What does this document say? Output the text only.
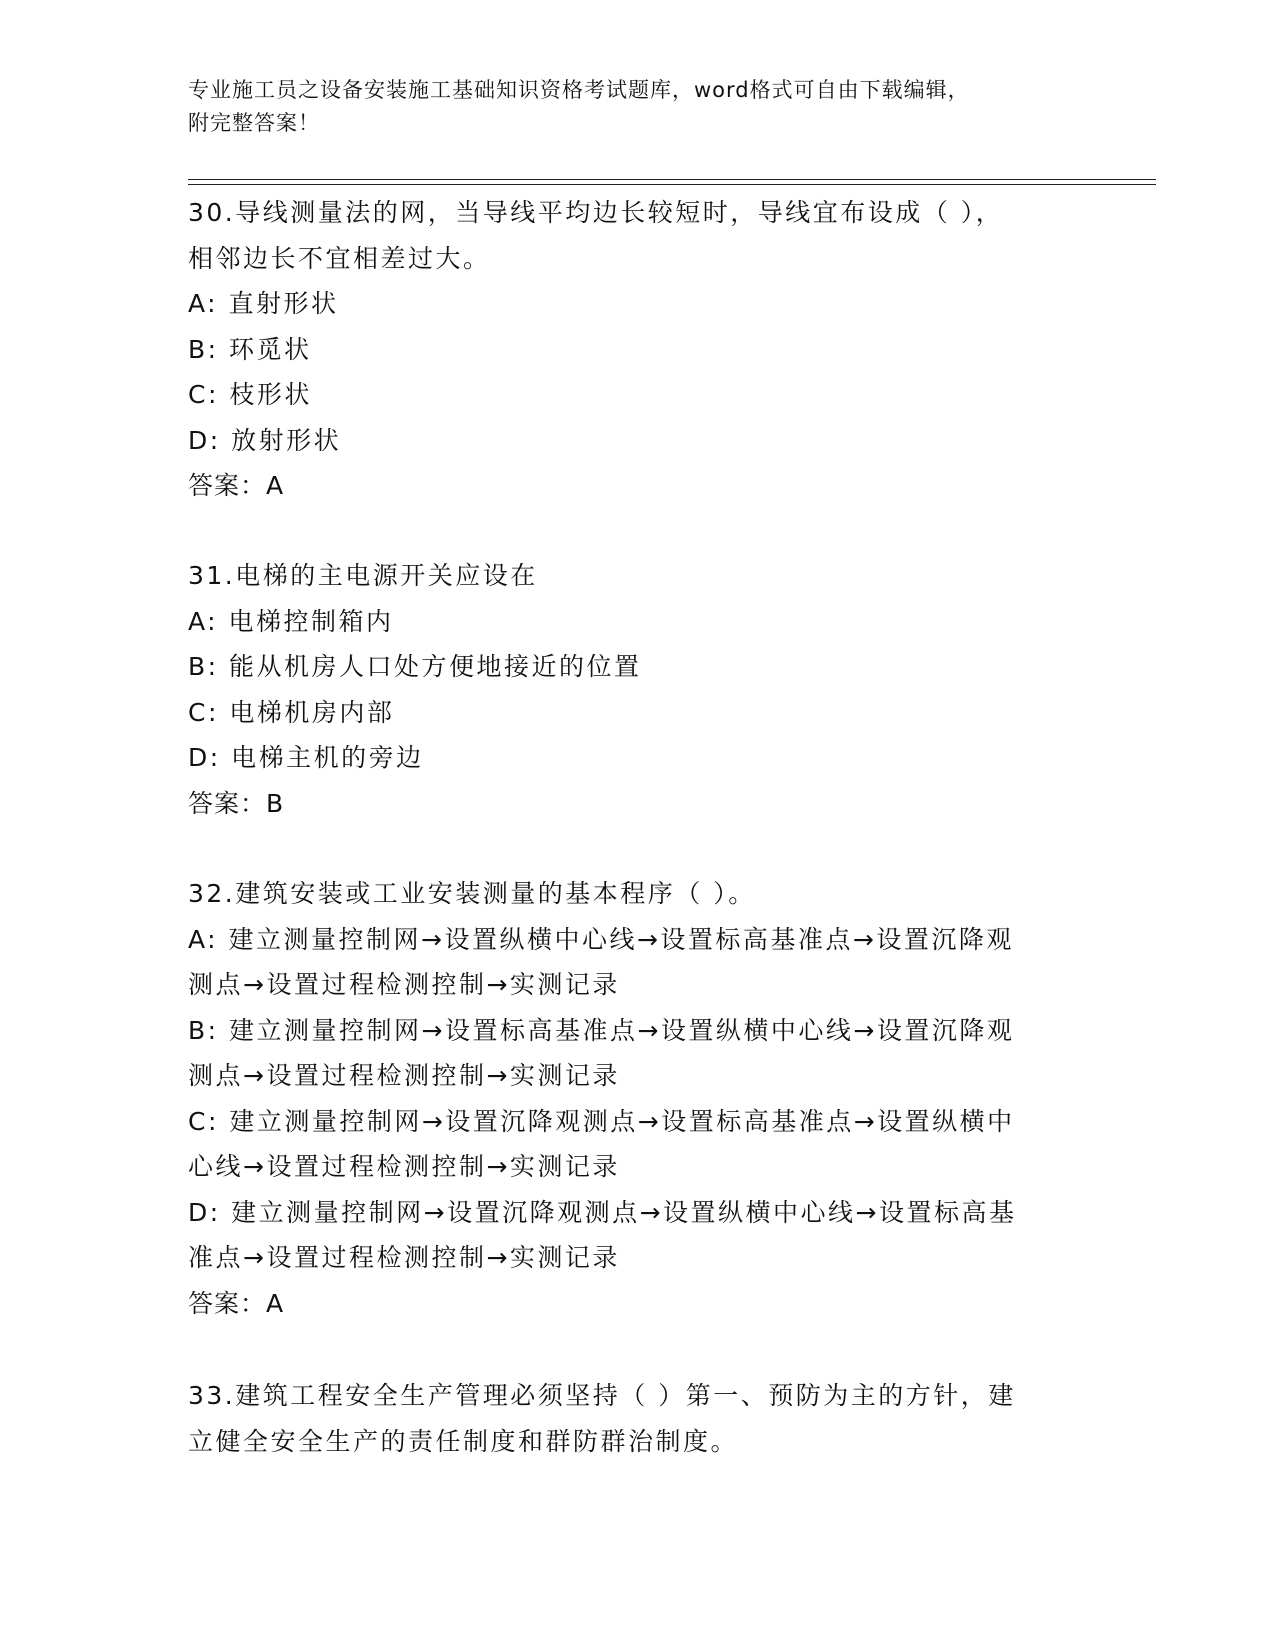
专业施工员之设备安装施工基础知识资格考试题库，word格式可自由下载编辑，
附完整答案！
30.导线测量法的网，当导线平均边长较短时，导线宜布设成（ ），
相邻边长不宜相差过大。
A: 直射形状
B: 环觅状
C: 枝形状
D: 放射形状
答案：A
31.电梯的主电源开关应设在
A: 电梯控制箱内
B: 能从机房人口处方便地接近的位置
C: 电梯机房内部
D: 电梯主机的旁边
答案：B
32.建筑安装或工业安装测量的基本程序（ ）。
A: 建立测量控制网→设置纵横中心线→设置标高基准点→设置沉降观
测点→设置过程检测控制→实测记录
B: 建立测量控制网→设置标高基准点→设置纵横中心线→设置沉降观
测点→设置过程检测控制→实测记录
C: 建立测量控制网→设置沉降观测点→设置标高基准点→设置纵横中
心线→设置过程检测控制→实测记录
D: 建立测量控制网→设置沉降观测点→设置纵横中心线→设置标高基
准点→设置过程检测控制→实测记录
答案：A
33.建筑工程安全生产管理必须坚持（ ）第一、预防为主的方针，建
立健全安全生产的责任制度和群防群治制度。
